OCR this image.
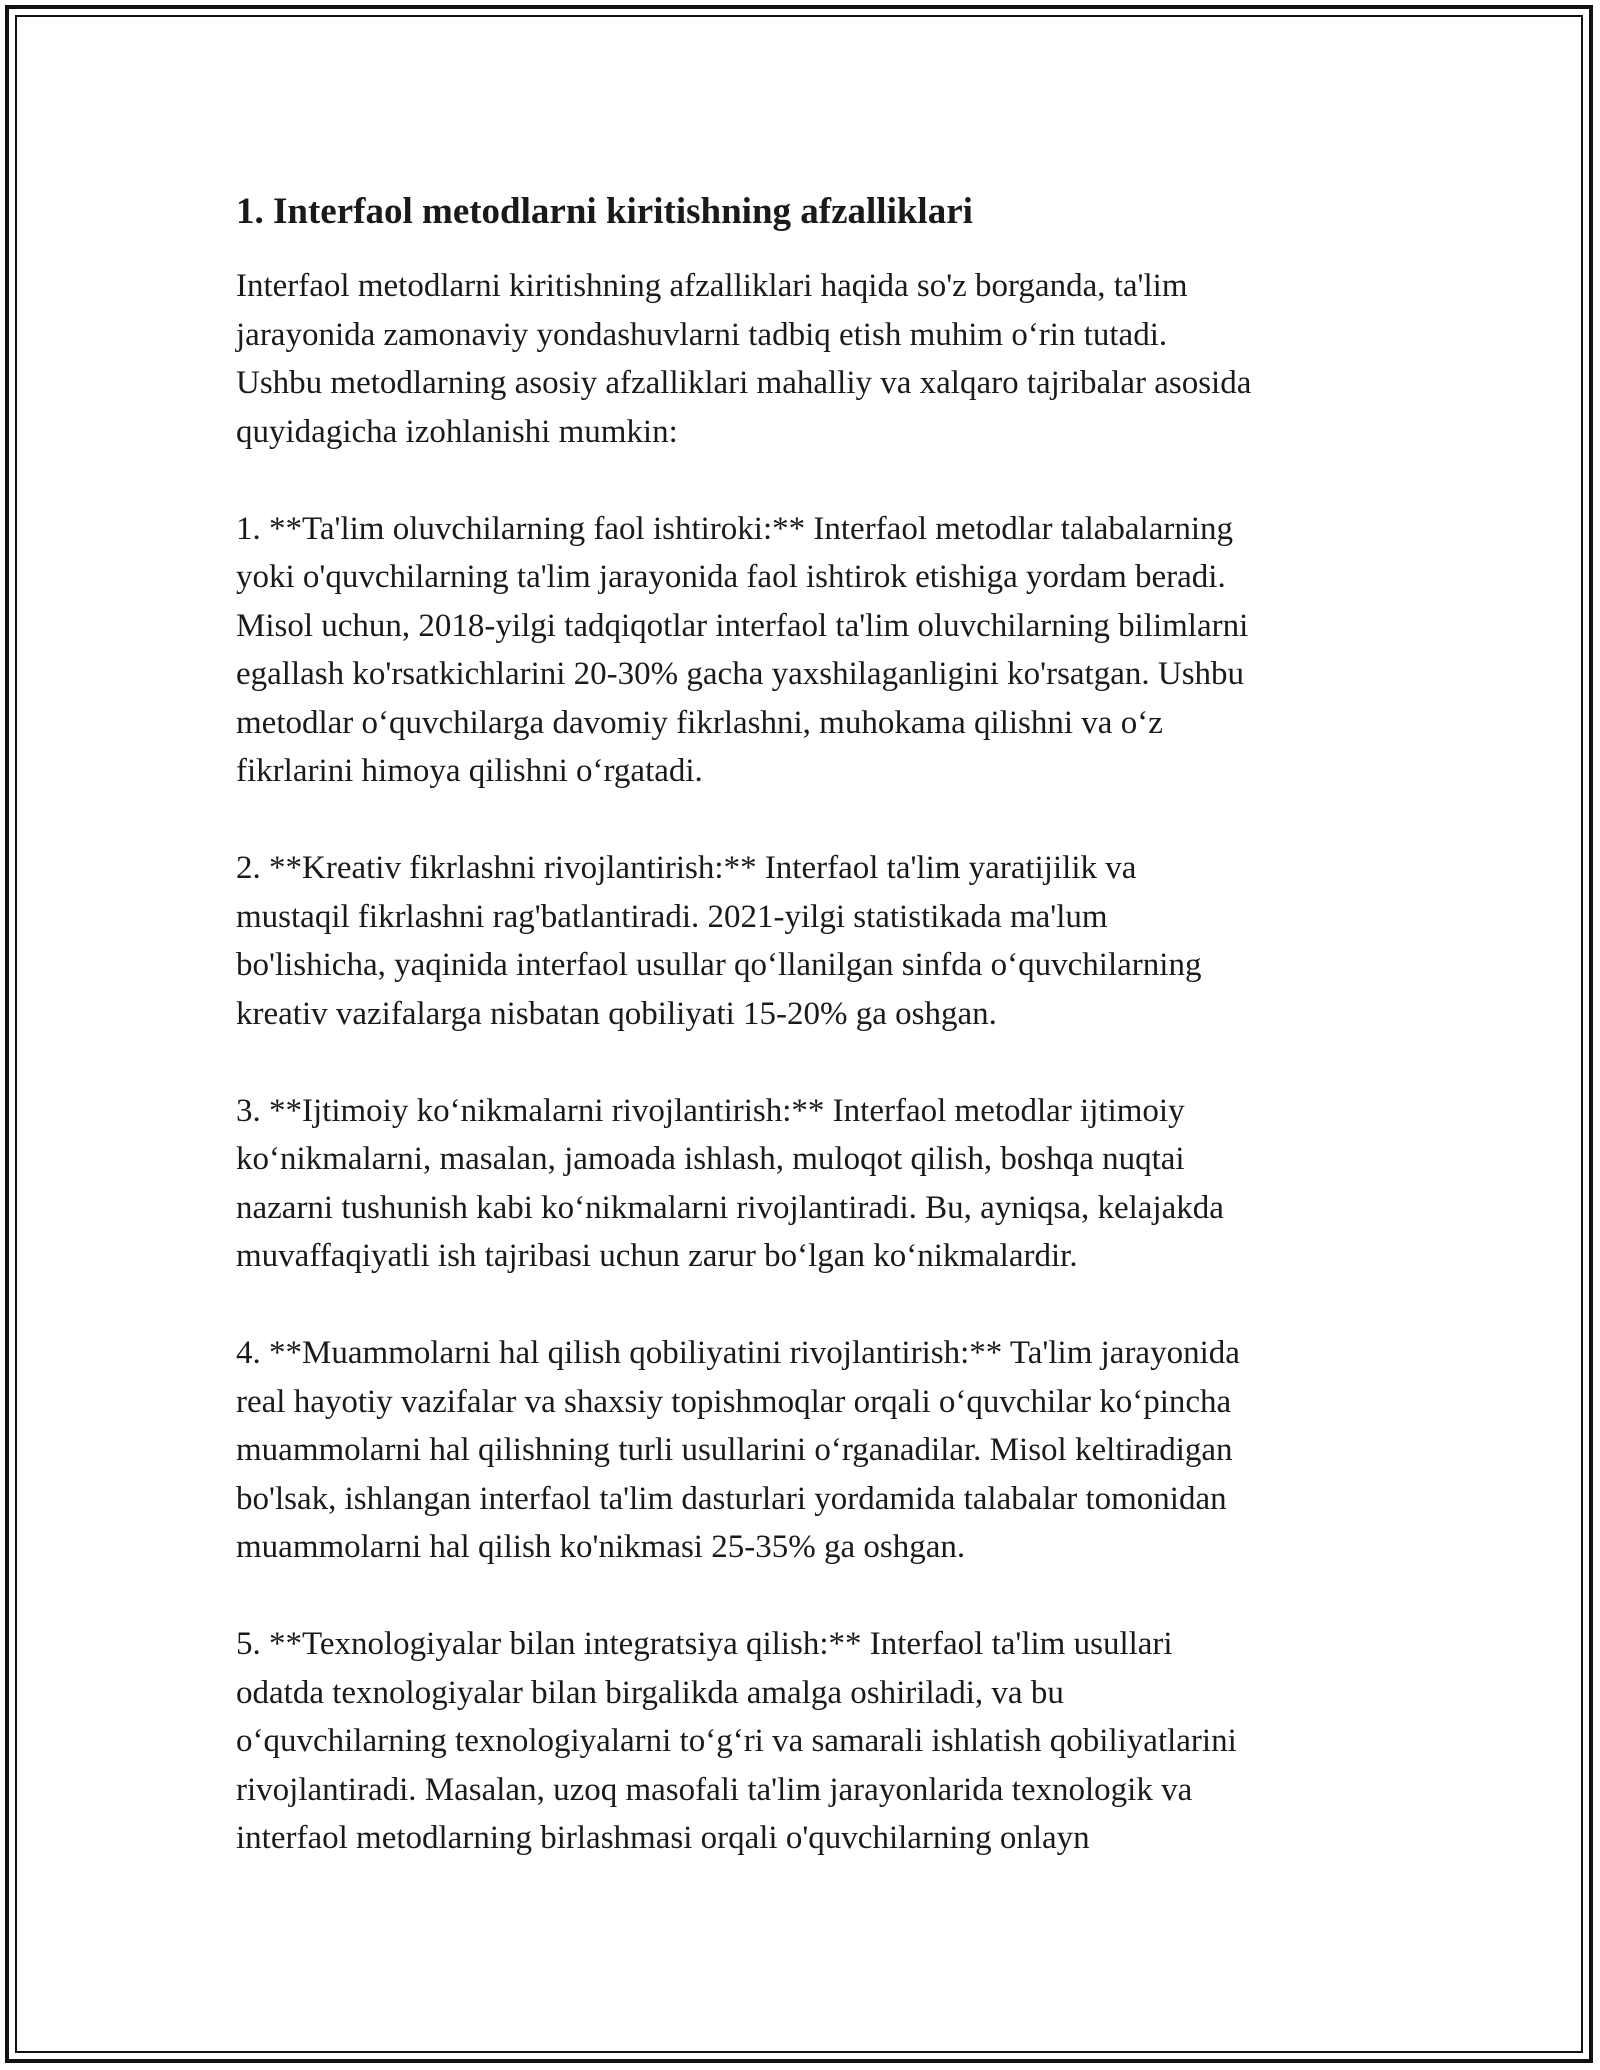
1. Interfaol metodlarni kiritishning afzalliklari

Interfaol metodlarni kiritishning afzalliklari haqida so'z borganda, ta'lim
jarayonida zamonaviy yondashuvlarni tadbiq etish muhim o‘rin tutadi.
Ushbu metodlarning asosiy afzalliklari mahalliy va xalqaro tajribalar asosida
quyidagicha izohlanishi mumkin:

1. **Ta'lim oluvchilarning faol ishtiroki:** Interfaol metodlar talabalarning
yoki o'quvchilarning ta'lim jarayonida faol ishtirok etishiga yordam beradi.
Misol uchun, 2018-yilgi tadqiqotlar interfaol ta'lim oluvchilarning bilimlarni
egallash ko'rsatkichlarini 20-30% gacha yaxshilaganligini ko'rsatgan. Ushbu
metodlar o‘quvchilarga davomiy fikrlashni, muhokama qilishni va o‘z
fikrlarini himoya qilishni o‘rgatadi.

2. **Kreativ fikrlashni rivojlantirish:** Interfaol ta'lim yaratijilik va
mustaqil fikrlashni rag'batlantiradi. 2021-yilgi statistikada ma'lum
bo'lishicha, yaqinida interfaol usullar qo‘llanilgan sinfda o‘quvchilarning
kreativ vazifalarga nisbatan qobiliyati 15-20% ga oshgan.

3. **Ijtimoiy ko‘nikmalarni rivojlantirish:** Interfaol metodlar ijtimoiy
ko‘nikmalarni, masalan, jamoada ishlash, muloqot qilish, boshqa nuqtai
nazarni tushunish kabi ko‘nikmalarni rivojlantiradi. Bu, ayniqsa, kelajakda
muvaffaqiyatli ish tajribasi uchun zarur bo‘lgan ko‘nikmalardir.

4. **Muammolarni hal qilish qobiliyatini rivojlantirish:** Ta'lim jarayonida
real hayotiy vazifalar va shaxsiy topishmoqlar orqali o‘quvchilar ko‘pincha
muammolarni hal qilishning turli usullarini o‘rganadilar. Misol keltiradigan
bo'lsak, ishlangan interfaol ta'lim dasturlari yordamida talabalar tomonidan
muammolarni hal qilish ko'nikmasi 25-35% ga oshgan.

5. **Texnologiyalar bilan integratsiya qilish:** Interfaol ta'lim usullari
odatda texnologiyalar bilan birgalikda amalga oshiriladi, va bu
o‘quvchilarning texnologiyalarni to‘g‘ri va samarali ishlatish qobiliyatlarini
rivojlantiradi. Masalan, uzoq masofali ta'lim jarayonlarida texnologik va
interfaol metodlarning birlashmasi orqali o'quvchilarning onlayn
